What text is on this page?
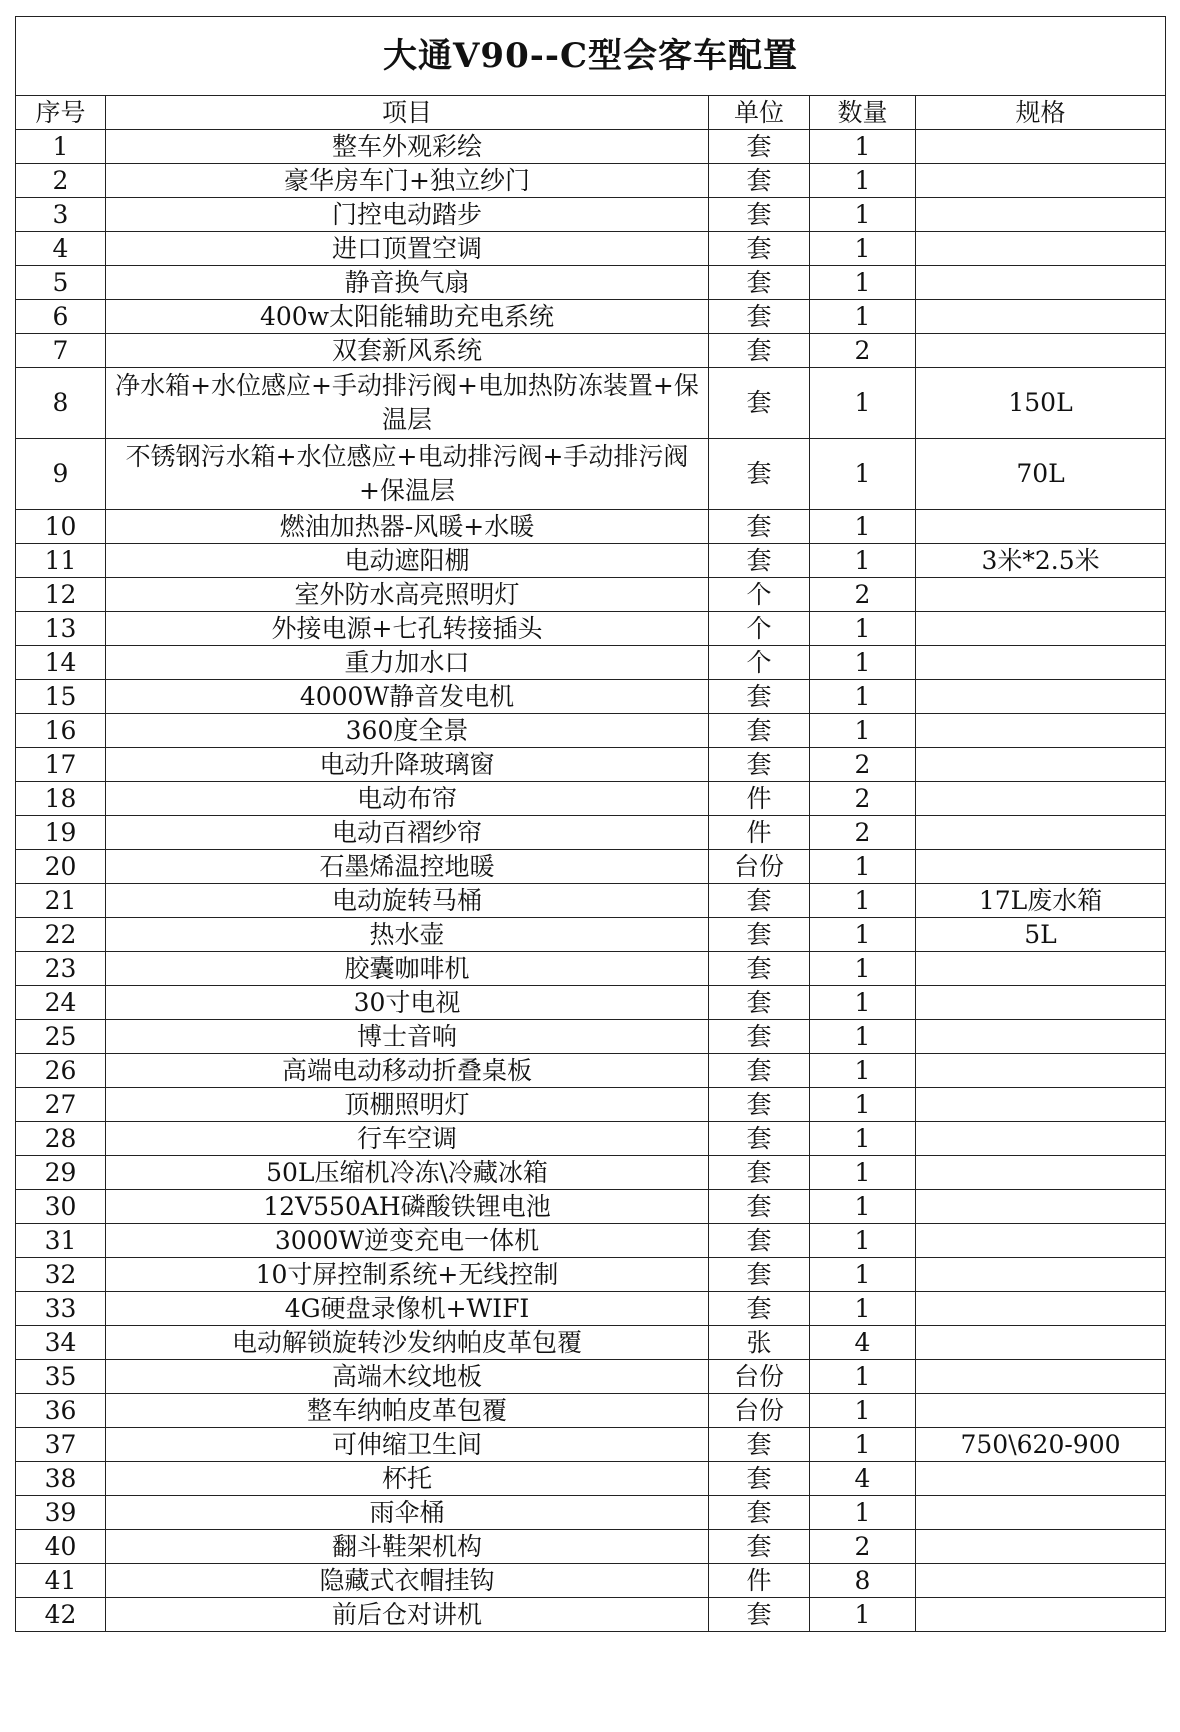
大通V90--C型会客车配置				
序号	项目	单位	数量	规格
1	整车外观彩绘	套	1	
2	豪华房车门+独立纱门	套	1	
3	门控电动踏步	套	1	
4	进口顶置空调	套	1	
5	静音换气扇	套	1	
6	400w太阳能辅助充电系统	套	1	
7	双套新风系统	套	2	
8	净水箱+水位感应+手动排污阀+电加热防冻装置+保温层	套	1	150L
9	不锈钢污水箱+水位感应+电动排污阀+手动排污阀+保温层	套	1	70L
10	燃油加热器-风暖+水暖	套	1	
11	电动遮阳棚	套	1	3米*2.5米
12	室外防水高亮照明灯	个	2	
13	外接电源+七孔转接插头	个	1	
14	重力加水口	个	1	
15	4000W静音发电机	套	1	
16	360度全景	套	1	
17	电动升降玻璃窗	套	2	
18	电动布帘	件	2	
19	电动百褶纱帘	件	2	
20	石墨烯温控地暖	台份	1	
21	电动旋转马桶	套	1	17L废水箱
22	热水壶	套	1	5L
23	胶囊咖啡机	套	1	
24	30寸电视	套	1	
25	博士音响	套	1	
26	高端电动移动折叠桌板	套	1	
27	顶棚照明灯	套	1	
28	行车空调	套	1	
29	50L压缩机冷冻\冷藏冰箱	套	1	
30	12V550AH磷酸铁锂电池	套	1	
31	3000W逆变充电一体机	套	1	
32	10寸屏控制系统+无线控制	套	1	
33	4G硬盘录像机+WIFI	套	1	
34	电动解锁旋转沙发纳帕皮革包覆	张	4	
35	高端木纹地板	台份	1	
36	整车纳帕皮革包覆	台份	1	
37	可伸缩卫生间	套	1	750\620-900
38	杯托	套	4	
39	雨伞桶	套	1	
40	翻斗鞋架机构	套	2	
41	隐藏式衣帽挂钩	件	8	
42	前后仓对讲机	套	1	
